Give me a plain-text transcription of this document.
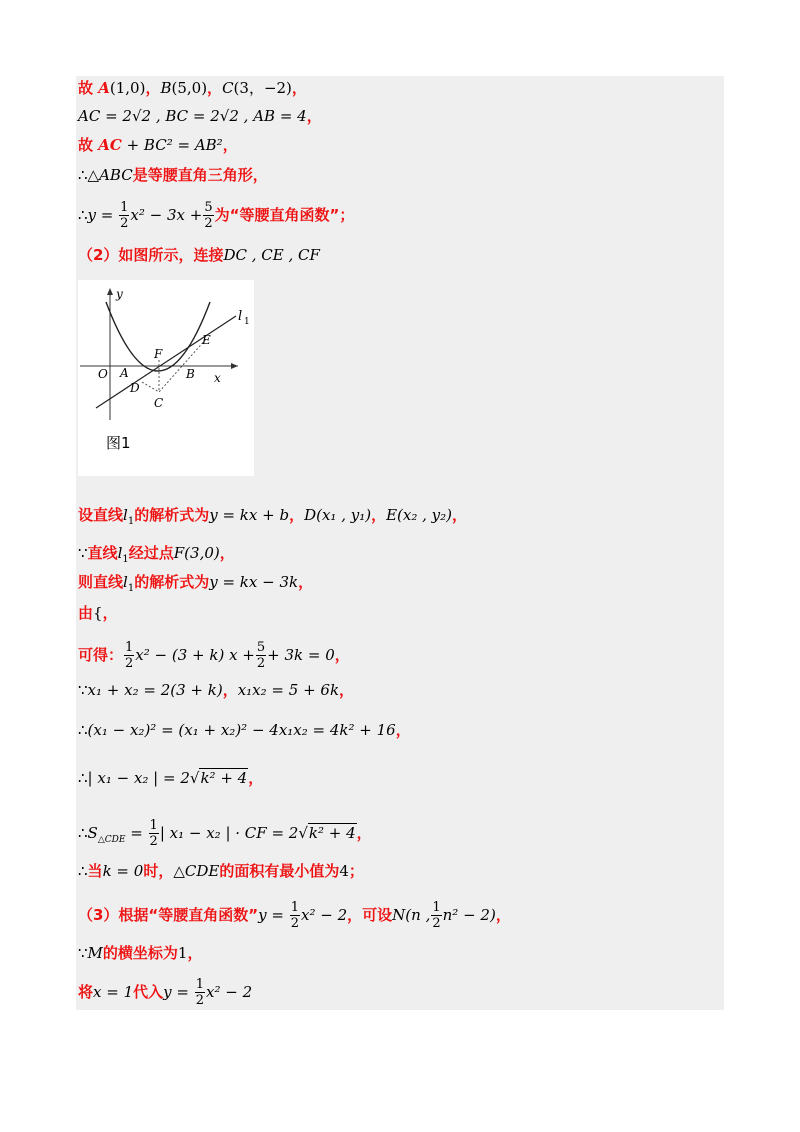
故 A(1,0)，B(5,0)，C(3，−2)，
AC = 2√2 , BC = 2√2 , AB = 4，
故 AC + BC² = AB²，
∴△ABC是等腰直角三角形，
∴y = $\frac{1}{2} x^2 - 3x + \frac{5}{2}$ 为“等腰直角函数”；
（2）如图所示，连接DC , CE , CF
y
x
O A	B
C
D
E
F
l 1
图1
设直线$l_1$的解析式为y = kx + b，D(x₁ , y₁)，E(x₂ , y₂)，
∵直线$l_1$经过点F(3,0)，
则直线$l_1$的解析式为y = kx − 3k，
由{，
可得： $\frac{1}{2} x^2 - (3 + k) x + \frac{5}{2} + 3k = 0$，
∵x₁ + x₂ = 2(3 + k)，x₁x₂ = 5 + 6k，
∴(x₁ − x₂)² = (x₁ + x₂)² − 4x₁x₂ = 4k² + 16，
∴| x₁ − x₂ | = 2√k² + 4，
$\therefore S_{\triangle CDE} = \frac{1}{2}$ | x₁ − x₂ | · CF = 2√k² + 4，
∴当k = 0时，△CDE的面积有最小值为4；
（3）根据“等腰直角函数”y = $\frac{1}{2} x^2 - 2$，可设N(n , $\frac{1}{2} n^2 - 2$)，
∵M的横坐标为1，
将x = 1代入$y = \frac{1}{2} x^2 - 2$
